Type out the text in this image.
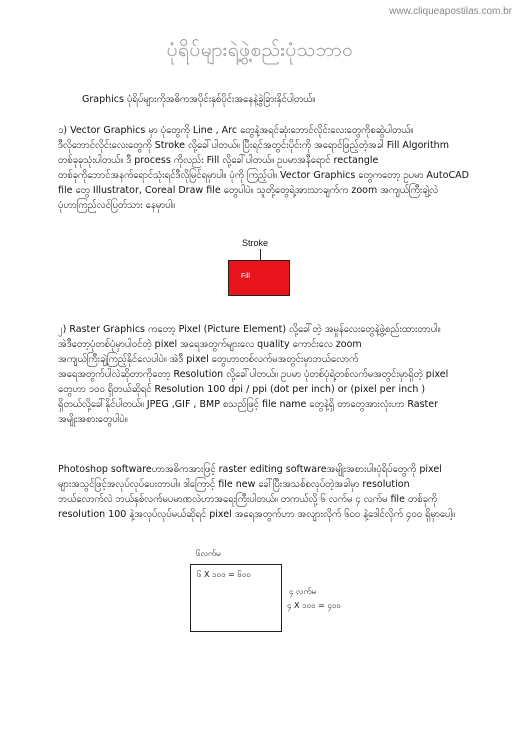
www.cliqueapostilas.com.br
ပုံရိပ်များရဲ့ဖွဲ့စည်းပုံသဘာဝ

Graphics ပုံရိပ်များကိုအဓိကအပိုင်းနှစ်ပိုင်းအနေနဲ့ခွဲခြားနိုင်ပါတယ်။

၁) Vector Graphics မှာ ပုံတွေကို Line , Arc တွေနဲ့အရင်ဆုံးဘောင်လိုင်းလေးတွေကိုစဆွဲပါတယ်။
ဒီလိုဘောင်လိုင်းလေးတွေကို Stroke လို့ခေါ်ပါတယ်။ ပြီးရင်အတွင်းပိုင်းကို အရောင်ဖြည့်တဲ့အခါ Fill Algorithm
တစ်ခုခုသုံးပါတယ်။ ဒီ process ကိုလည်း Fill လို့ခေါ်ပါတယ်။ ဥပမာအနီရောင် rectangle
တစ်ခုကိုဘောင်အနက်ရောင်သုံးရင်ဒီလိုမြင်ရမှာပါ။ ပုံကို ကြည့်ပါ။ Vector Graphics တွေကတော့ ဥပမာ AutoCAD
file တွေ Illustrator, Coreal Draw file တွေပါပဲ။ သူတို့တွေရဲ့အားသာချက်က zoom အကျယ်ကြီးချဲ့လဲ
ပုံဟာကြည်လင်ပြတ်သား နေမှာပါ။
Stroke
Fill
၂) Raster Graphics ကတော့ Pixel (Picture Element) လို့ခေါ်တဲ့ အမှုန်လေးတွေနဲ့ဖွဲ့စည်းထားတာပါ။
အဲဒီတော့ပုံတစ်ပုံမှာပါဝင်တဲ့ pixel အရေအတွက်များလေ quality ကောင်းလေ zoom
အကျယ်ကြီးချဲ့ကြည့်နိုင်လေပါပဲ။ အဲဒီ pixel တွေဟာတစ်လက်မအတွင်းမှာဘယ်လောက်
အရေအတွက်ပါလဲဆိုတာကိုတော့ Resolution လို့ခေါ်ပါတယ်။ ဥပမာ ပုံတစ်ပုံရဲ့တစ်လက်မအတွင်းမှာရှိတဲ့ pixel
တွေဟာ ၁၀၀ ရှိတယ်ဆိုရင် Resolution 100 dpi / ppi (dot per inch) or (pixel per inch )
ရှိတယ်လို့ခေါ်နိုင်ပါတယ်။ JPEG ,GIF , BMP စသည်ဖြင့် file name တွေနဲ့ရှိ တာတွေအားလုံးဟာ Raster
အမျိုးအစားတွေပါပဲ။
Photoshop softwareဟာအဓိကအားဖြင့် raster editing softwareအမျိုးအစားပါ။ပုံရိပ်တွေကို pixel
များအသွင်ဖြင့်အလုပ်လုပ်ပေးတာပါ။ ဒါကြောင့် file new ခေါ်ပြီးအသစ်စလုပ်တဲ့အခါမှာ resolution
ဘယ်လောက်လဲ ဘယ်နှစ်လက်မပမာဏလဲဟာအရေးကြီးပါတယ်။ တကယ်လို့ ၆ လက်မ ၄ လက်မ file တစ်ခုကို
resolution 100 နဲ့အလုပ်လုပ်မယ်ဆိုရင် pixel အရေအတွက်ဟာ အလျားလိုက် ၆၀၀ နဲ့ဒေါင်လိုက် ၄၀၀ ရှိမှာပေါ့။
၆လက်မ
၆ X ၁၀၀ = ၆၀၀
၄ လက်မ
၄ X ၁၀၀ = ၄၀၀
